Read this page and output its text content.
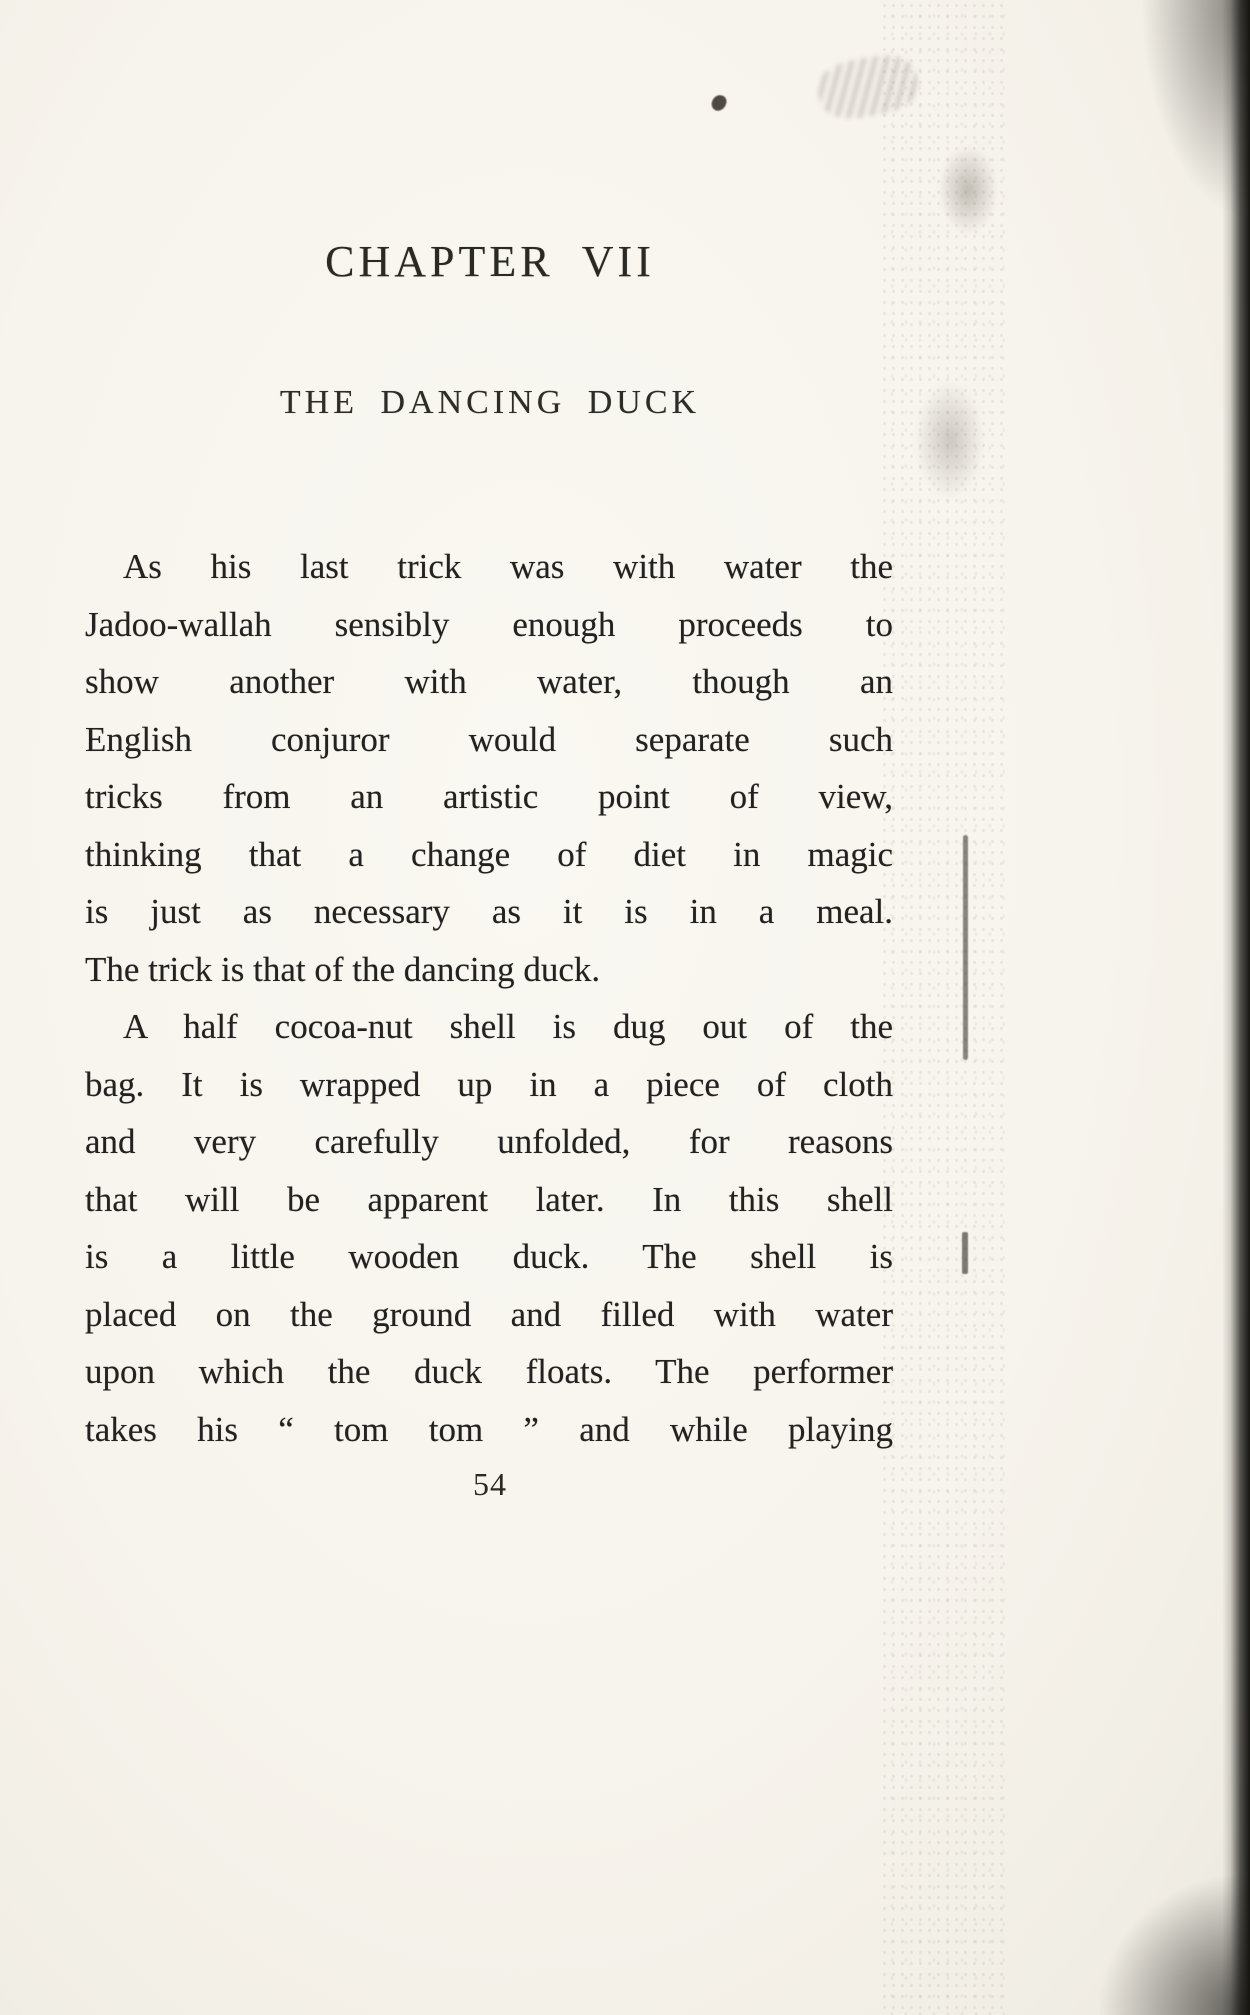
CHAPTER VII
THE DANCING DUCK
As his last trick was with water the
Jadoo-wallah sensibly enough proceeds to
show another with water, though an
English conjuror would separate such
tricks from an artistic point of view,
thinking that a change of diet in magic
is just as necessary as it is in a meal.
The trick is that of the dancing duck.
A half cocoa-nut shell is dug out of the
bag. It is wrapped up in a piece of cloth
and very carefully unfolded, for reasons
that will be apparent later. In this shell
is a little wooden duck. The shell is
placed on the ground and filled with water
upon which the duck floats. The performer
takes his “ tom tom ” and while playing
54
